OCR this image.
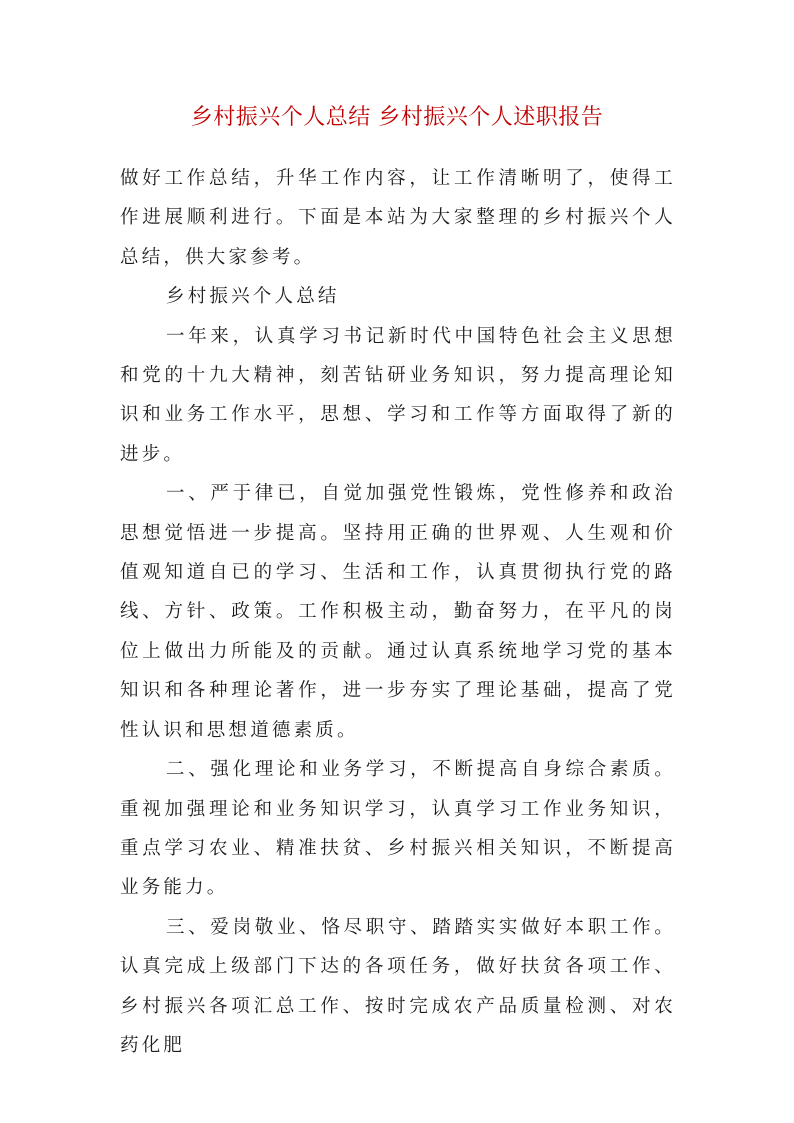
乡村振兴个人总结 乡村振兴个人述职报告

做好工作总结，升华工作内容，让工作清晰明了，使得工作进展顺利进行。下面是本站为大家整理的乡村振兴个人总结，供大家参考。

乡村振兴个人总结

一年来，认真学习书记新时代中国特色社会主义思想和党的十九大精神，刻苦钻研业务知识，努力提高理论知识和业务工作水平，思想、学习和工作等方面取得了新的进步。

一、严于律已，自觉加强党性锻炼，党性修养和政治思想觉悟进一步提高。坚持用正确的世界观、人生观和价值观知道自已的学习、生活和工作，认真贯彻执行党的路线、方针、政策。工作积极主动，勤奋努力，在平凡的岗位上做出力所能及的贡献。通过认真系统地学习党的基本知识和各种理论著作，进一步夯实了理论基础，提高了党性认识和思想道德素质。

二、强化理论和业务学习，不断提高自身综合素质。重视加强理论和业务知识学习，认真学习工作业务知识，重点学习农业、精准扶贫、乡村振兴相关知识，不断提高业务能力。

三、爱岗敬业、恪尽职守、踏踏实实做好本职工作。认真完成上级部门下达的各项任务，做好扶贫各项工作、乡村振兴各项汇总工作、按时完成农产品质量检测、对农药化肥
